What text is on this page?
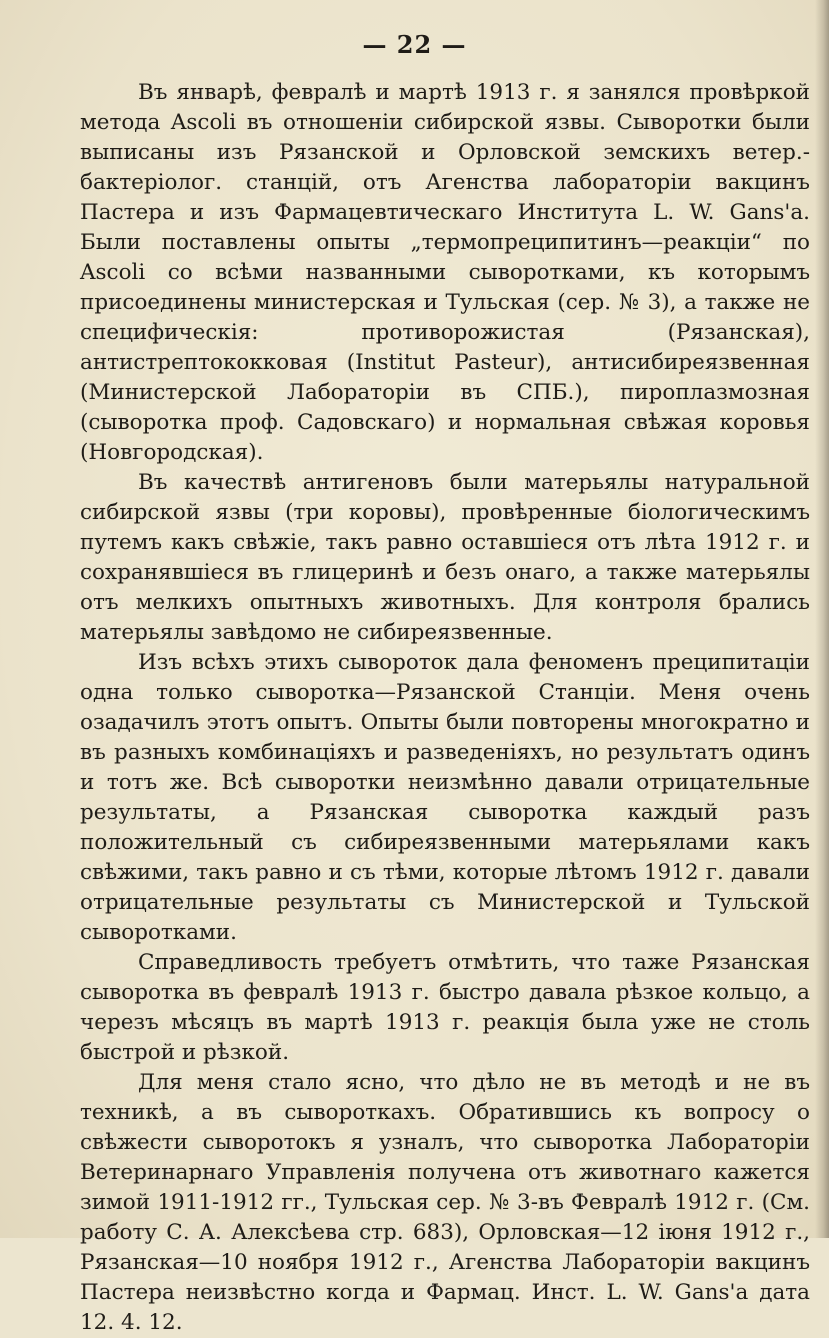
— 22 —

Въ январѣ, февралѣ и мартѣ 1913 г. я занялся провѣркой метода Ascoli въ отношеніи сибирской язвы. Сыворотки были выписаны изъ Рязанской и Орловской земскихъ ветер.-бактеріолог. станцій, отъ Агенства лабораторіи вакцинъ Пастера и изъ Фармацевтическаго Института L. W. Gans'а. Были поставлены опыты „термопреципитинъ—реакціи“ по Ascoli со всѣми названными сыворотками, къ которымъ присоединены министерская и Тульская (сер. № 3), а также не специфическія: противорожистая (Рязанская), антистрептококковая (Institut Pasteur), антисибиреязвенная (Министерской Лабораторіи въ СПБ.), пироплазмозная (сыворотка проф. Садовскаго) и нормальная свѣжая коровья (Новгородская).

Въ качествѣ антигеновъ были матерьялы натуральной сибирской язвы (три коровы), провѣренные біологическимъ путемъ какъ свѣжіе, такъ равно оставшіеся отъ лѣта 1912 г. и сохранявшіеся въ глицеринѣ и безъ онаго, а также матерьялы отъ мелкихъ опытныхъ животныхъ. Для контроля брались матерьялы завѣдомо не сибиреязвенные.

Изъ всѣхъ этихъ сывороток дала феноменъ преципитаціи одна только сыворотка—Рязанской Станціи. Меня очень озадачилъ этотъ опытъ. Опыты были повторены многократно и въ разныхъ комбинаціяхъ и разведеніяхъ, но результатъ одинъ и тотъ же. Всѣ сыворотки неизмѣнно давали отрицательные результаты, а Рязанская сыворотка каждый разъ положительный съ сибиреязвенными матерьялами какъ свѣжими, такъ равно и съ тѣми, которые лѣтомъ 1912 г. давали отрицательные результаты съ Министерской и Тульской сыворотками.

Справедливость требуетъ отмѣтить, что таже Рязанская сыворотка въ февралѣ 1913 г. быстро давала рѣзкое кольцо, а черезъ мѣсяцъ въ мартѣ 1913 г. реакція была уже не столь быстрой и рѣзкой.

Для меня стало ясно, что дѣло не въ методѣ и не въ техникѣ, а въ сывороткахъ. Обратившись къ вопросу о свѣжести сыворотокъ я узналъ, что сыворотка Лабораторіи Ветеринарнаго Управленія получена отъ животнаго кажется зимой 1911-1912 гг., Тульская сер. № 3-въ Февралѣ 1912 г. (См. работу С. А. Алексѣева стр. 683), Орловская—12 іюня 1912 г., Рязанская—10 ноября 1912 г., Агенства Лабораторіи вакцинъ Пастера неизвѣстно когда и Фармац. Инст. L. W. Gans'а дата 12. 4. 12.
